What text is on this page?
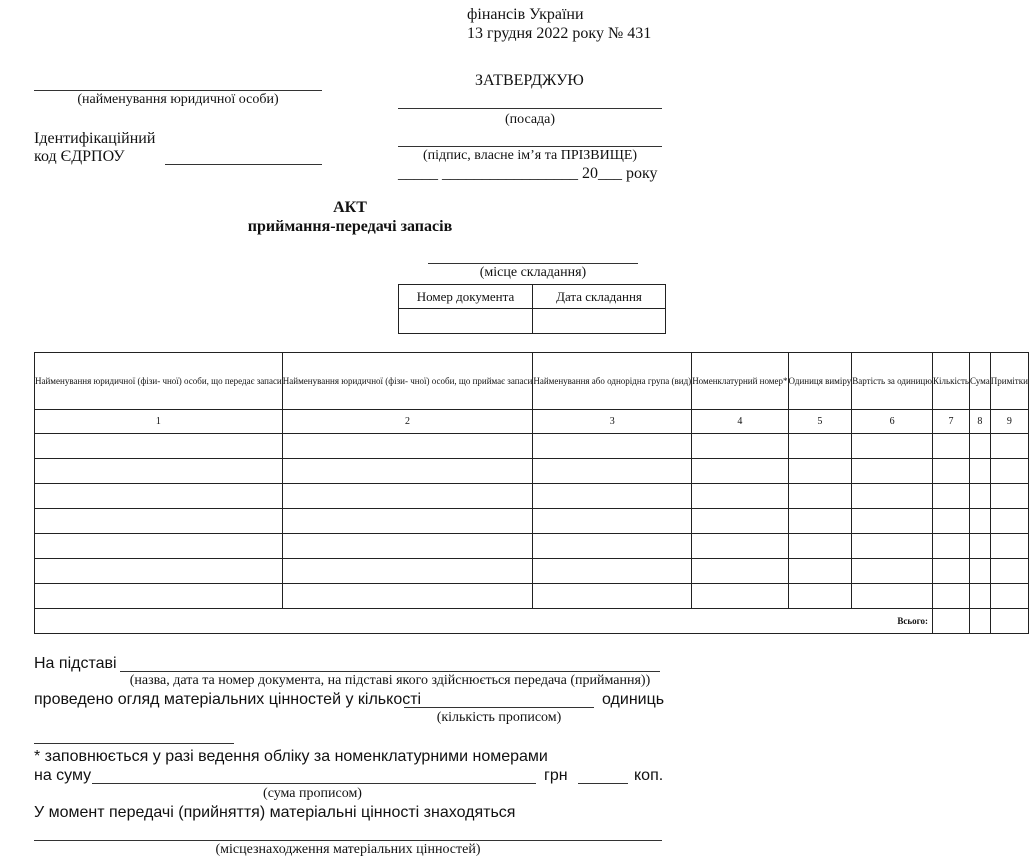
фінансів України
13 грудня 2022 року № 431
ЗАТВЕРДЖУЮ
(посада)
(підпис, власне ім’я та ПРІЗВИЩЕ)
_____ _________________ 20___ року
(найменування юридичної особи)
Ідентифікаційний
код ЄДРПОУ
АКТ
приймання-передачі запасів
(місце складання)
Номер документа	Дата складання

Найменування юридичної (фізи- чної) особи, що передає запаси	Найменування юридичної (фізи- чної) особи, що приймає запаси	Найменування або однорідна група (вид)	Номенклатурний номер*	Одиниця виміру	Вартість за одиницю	Кількість	Сума	Примітки
1	2	3	4	5	6	7	8	9

Всього:								
На підставі
(назва, дата та номер документа, на підставі якого здійснюється передача (приймання))
проведено огляд матеріальних цінностей у кількості	одиниць
(кількість прописом)
* заповнюється у разі ведення обліку за номенклатурними номерами
на суму	грн	коп.
(сума прописом)
У момент передачі (прийняття) матеріальні цінності знаходяться
(місцезнаходження матеріальних цінностей)
